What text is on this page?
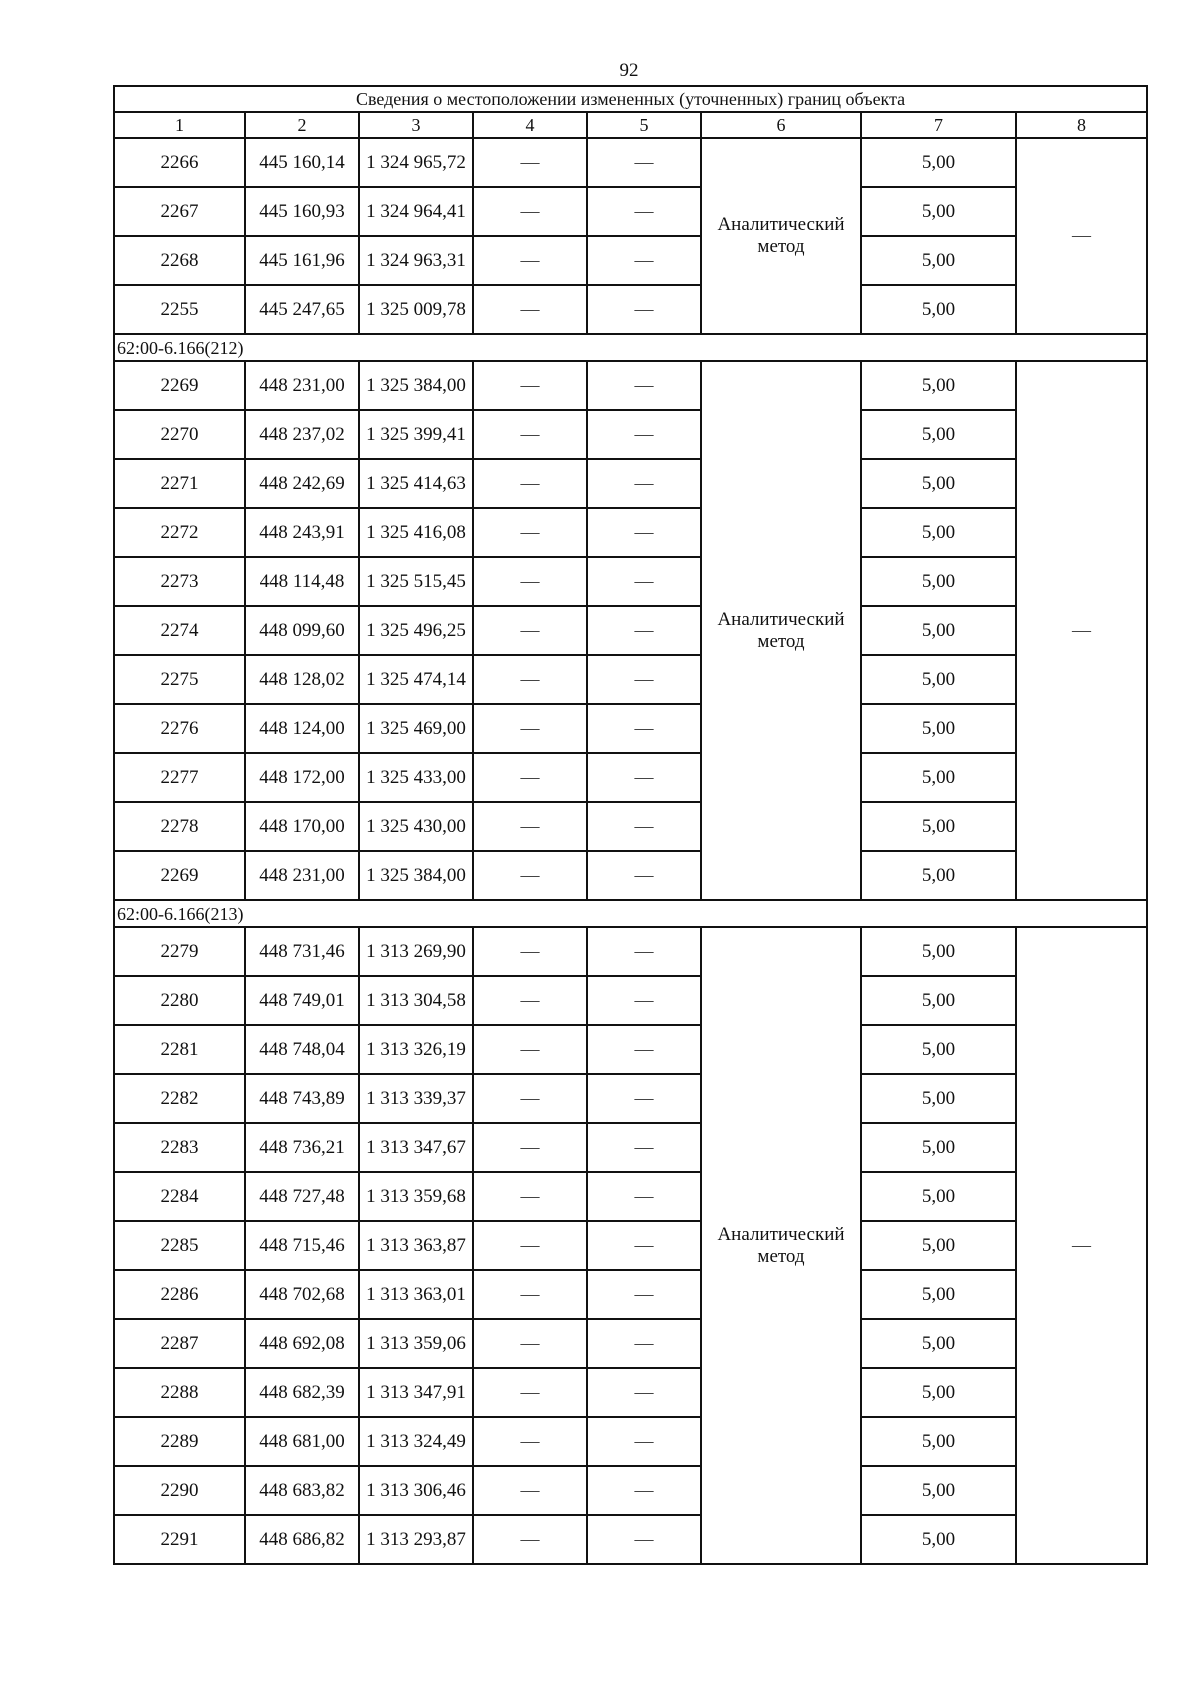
92
Сведения о местоположении измененных (уточненных) границ объекта							
1	2	3	4	5	6	7	8
2266	445 160,14	1 324 965,72	—	—	Аналитический метод	5,00	—
2267	445 160,93	1 324 964,41	—	—		5,00	
2268	445 161,96	1 324 963,31	—	—		5,00	
2255	445 247,65	1 325 009,78	—	—		5,00	
62:00-6.166(212)							
2269	448 231,00	1 325 384,00	—	—	Аналитический метод	5,00	—
2270	448 237,02	1 325 399,41	—	—		5,00	
2271	448 242,69	1 325 414,63	—	—		5,00	
2272	448 243,91	1 325 416,08	—	—		5,00	
2273	448 114,48	1 325 515,45	—	—		5,00	
2274	448 099,60	1 325 496,25	—	—		5,00	
2275	448 128,02	1 325 474,14	—	—		5,00	
2276	448 124,00	1 325 469,00	—	—		5,00	
2277	448 172,00	1 325 433,00	—	—		5,00	
2278	448 170,00	1 325 430,00	—	—		5,00	
2269	448 231,00	1 325 384,00	—	—		5,00	
62:00-6.166(213)							
2279	448 731,46	1 313 269,90	—	—	Аналитический метод	5,00	—
2280	448 749,01	1 313 304,58	—	—		5,00	
2281	448 748,04	1 313 326,19	—	—		5,00	
2282	448 743,89	1 313 339,37	—	—		5,00	
2283	448 736,21	1 313 347,67	—	—		5,00	
2284	448 727,48	1 313 359,68	—	—		5,00	
2285	448 715,46	1 313 363,87	—	—		5,00	
2286	448 702,68	1 313 363,01	—	—		5,00	
2287	448 692,08	1 313 359,06	—	—		5,00	
2288	448 682,39	1 313 347,91	—	—		5,00	
2289	448 681,00	1 313 324,49	—	—		5,00	
2290	448 683,82	1 313 306,46	—	—		5,00	
2291	448 686,82	1 313 293,87	—	—		5,00	
